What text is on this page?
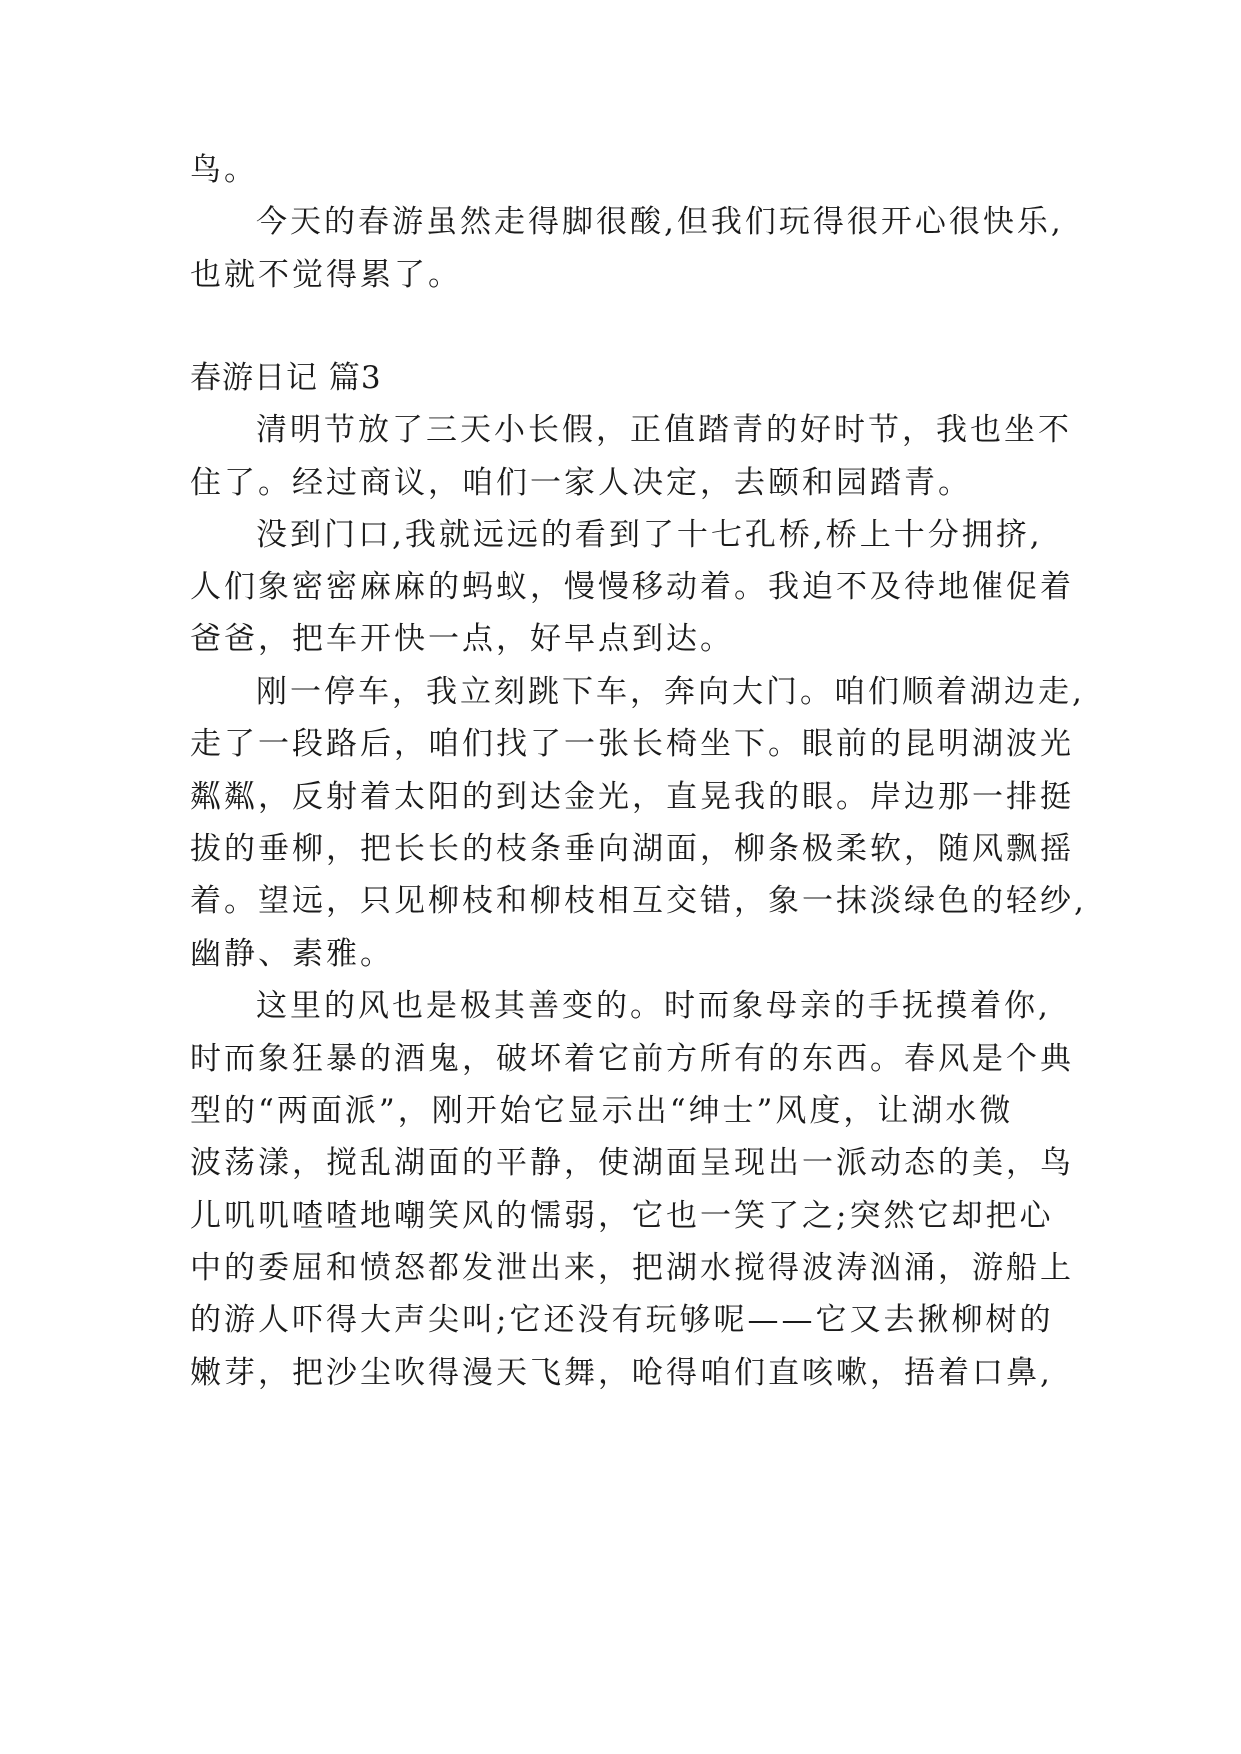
鸟。
今天的春游虽然走得脚很酸,但我们玩得很开心很快乐,
也就不觉得累了。
春游日记 篇3
清明节放了三天小长假，正值踏青的好时节，我也坐不
住了。经过商议，咱们一家人决定，去颐和园踏青。
没到门口,我就远远的看到了十七孔桥,桥上十分拥挤,
人们象密密麻麻的蚂蚁，慢慢移动着。我迫不及待地催促着
爸爸，把车开快一点，好早点到达。
刚一停车，我立刻跳下车，奔向大门。咱们顺着湖边走,
走了一段路后，咱们找了一张长椅坐下。眼前的昆明湖波光
粼粼，反射着太阳的到达金光，直晃我的眼。岸边那一排挺
拔的垂柳，把长长的枝条垂向湖面，柳条极柔软，随风飘摇
着。望远，只见柳枝和柳枝相互交错，象一抹淡绿色的轻纱,
幽静、素雅。
这里的风也是极其善变的。时而象母亲的手抚摸着你,
时而象狂暴的酒鬼，破坏着它前方所有的东西。春风是个典
型的“两面派”，刚开始它显示出“绅士”风度，让湖水微
波荡漾，搅乱湖面的平静，使湖面呈现出一派动态的美，鸟
儿叽叽喳喳地嘲笑风的懦弱，它也一笑了之;突然它却把心
中的委屈和愤怒都发泄出来，把湖水搅得波涛汹涌，游船上
的游人吓得大声尖叫;它还没有玩够呢——它又去揪柳树的
嫩芽，把沙尘吹得漫天飞舞，呛得咱们直咳嗽，捂着口鼻,
